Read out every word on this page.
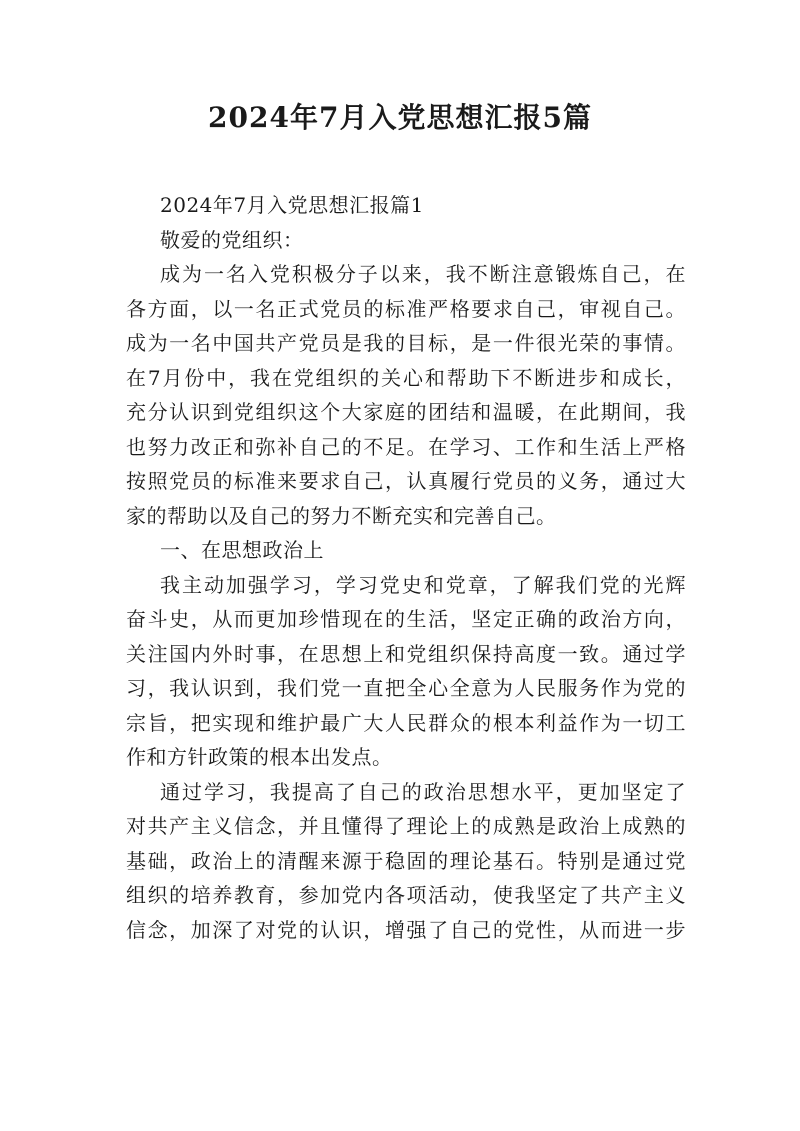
2024年7月入党思想汇报5篇
2024年7月入党思想汇报篇1
敬爱的党组织：
成为一名入党积极分子以来，我不断注意锻炼自己，在
各方面，以一名正式党员的标准严格要求自己，审视自己。
成为一名中国共产党员是我的目标，是一件很光荣的事情。
在7月份中，我在党组织的关心和帮助下不断进步和成长，
充分认识到党组织这个大家庭的团结和温暖，在此期间，我
也努力改正和弥补自己的不足。在学习、工作和生活上严格
按照党员的标准来要求自己，认真履行党员的义务，通过大
家的帮助以及自己的努力不断充实和完善自己。
一、在思想政治上
我主动加强学习，学习党史和党章，了解我们党的光辉
奋斗史，从而更加珍惜现在的生活，坚定正确的政治方向，
关注国内外时事，在思想上和党组织保持高度一致。通过学
习，我认识到，我们党一直把全心全意为人民服务作为党的
宗旨，把实现和维护最广大人民群众的根本利益作为一切工
作和方针政策的根本出发点。
通过学习，我提高了自己的政治思想水平，更加坚定了
对共产主义信念，并且懂得了理论上的成熟是政治上成熟的
基础，政治上的清醒来源于稳固的理论基石。特别是通过党
组织的培养教育，参加党内各项活动，使我坚定了共产主义
信念，加深了对党的认识，增强了自己的党性，从而进一步
